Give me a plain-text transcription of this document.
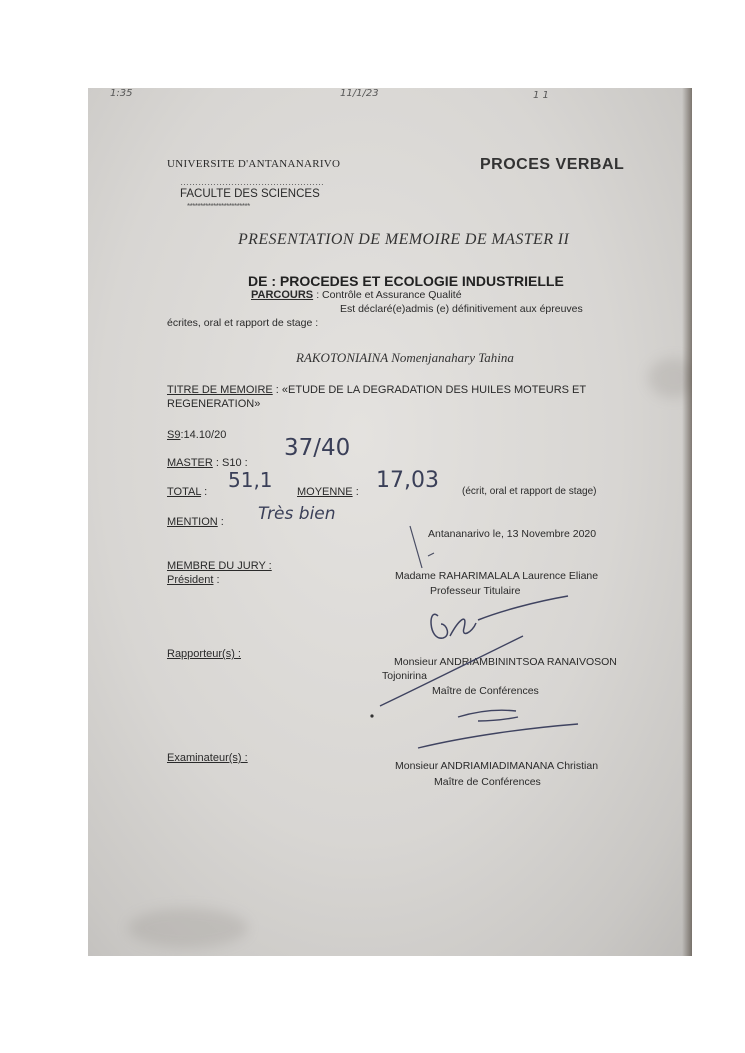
1:35	11/1/23	1 1
UNIVERSITE D'ANTANANARIVO	PROCES VERBAL
…………………………………………
FACULTE DES SCIENCES
************************
PRESENTATION DE MEMOIRE DE MASTER II
DE : PROCEDES ET ECOLOGIE INDUSTRIELLE
PARCOURS : Contrôle et Assurance Qualité
Est déclaré(e)admis (e) définitivement aux épreuves
écrites, oral et rapport de stage :
RAKOTONIAINA Nomenjanahary Tahina
TITRE DE MEMOIRE : «ETUDE DE LA DEGRADATION DES HUILES MOTEURS ET
REGENERATION»
S9:14.10/20
MASTER : S10 :
37/40
TOTAL : 51,1 MOYENNE : 17,03 (écrit, oral et rapport de stage)
MENTION : Très bien
Antananarivo le, 13 Novembre 2020
MEMBRE DU JURY :
Président :	Madame RAHARIMALALA Laurence Eliane
Professeur Titulaire
Rapporteur(s) :
Monsieur ANDRIAMBININTSOA RANAIVOSON
Tojonirina
Maître de Conférences
Examinateur(s) :
Monsieur ANDRIAMIADIMANANA Christian
Maître de Conférences
